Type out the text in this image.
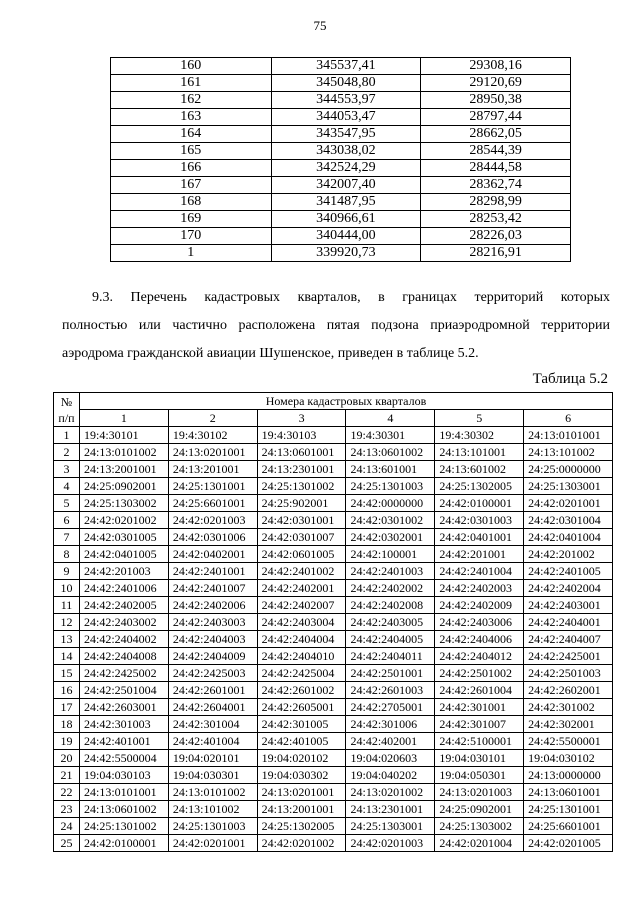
75
160	345537,41	29308,16
161	345048,80	29120,69
162	344553,97	28950,38
163	344053,47	28797,44
164	343547,95	28662,05
165	343038,02	28544,39
166	342524,29	28444,58
167	342007,40	28362,74
168	341487,95	28298,99
169	340966,61	28253,42
170	340444,00	28226,03
1	339920,73	28216,91
9.3. Перечень кадастровых кварталов, в границах территорий которых
полностью или частично расположена пятая подзона приаэродромной территории
аэродрома гражданской авиации Шушенское, приведен в таблице 5.2.
Таблица 5.2
№
п/п	Номера кадастровых кварталов					
	1	2	3	4	5	6
1	19:4:30101	19:4:30102	19:4:30103	19:4:30301	19:4:30302	24:13:0101001
2	24:13:0101002	24:13:0201001	24:13:0601001	24:13:0601002	24:13:101001	24:13:101002
3	24:13:2001001	24:13:201001	24:13:2301001	24:13:601001	24:13:601002	24:25:0000000
4	24:25:0902001	24:25:1301001	24:25:1301002	24:25:1301003	24:25:1302005	24:25:1303001
5	24:25:1303002	24:25:6601001	24:25:902001	24:42:0000000	24:42:0100001	24:42:0201001
6	24:42:0201002	24:42:0201003	24:42:0301001	24:42:0301002	24:42:0301003	24:42:0301004
7	24:42:0301005	24:42:0301006	24:42:0301007	24:42:0302001	24:42:0401001	24:42:0401004
8	24:42:0401005	24:42:0402001	24:42:0601005	24:42:100001	24:42:201001	24:42:201002
9	24:42:201003	24:42:2401001	24:42:2401002	24:42:2401003	24:42:2401004	24:42:2401005
10	24:42:2401006	24:42:2401007	24:42:2402001	24:42:2402002	24:42:2402003	24:42:2402004
11	24:42:2402005	24:42:2402006	24:42:2402007	24:42:2402008	24:42:2402009	24:42:2403001
12	24:42:2403002	24:42:2403003	24:42:2403004	24:42:2403005	24:42:2403006	24:42:2404001
13	24:42:2404002	24:42:2404003	24:42:2404004	24:42:2404005	24:42:2404006	24:42:2404007
14	24:42:2404008	24:42:2404009	24:42:2404010	24:42:2404011	24:42:2404012	24:42:2425001
15	24:42:2425002	24:42:2425003	24:42:2425004	24:42:2501001	24:42:2501002	24:42:2501003
16	24:42:2501004	24:42:2601001	24:42:2601002	24:42:2601003	24:42:2601004	24:42:2602001
17	24:42:2603001	24:42:2604001	24:42:2605001	24:42:2705001	24:42:301001	24:42:301002
18	24:42:301003	24:42:301004	24:42:301005	24:42:301006	24:42:301007	24:42:302001
19	24:42:401001	24:42:401004	24:42:401005	24:42:402001	24:42:5100001	24:42:5500001
20	24:42:5500004	19:04:020101	19:04:020102	19:04:020603	19:04:030101	19:04:030102
21	19:04:030103	19:04:030301	19:04:030302	19:04:040202	19:04:050301	24:13:0000000
22	24:13:0101001	24:13:0101002	24:13:0201001	24:13:0201002	24:13:0201003	24:13:0601001
23	24:13:0601002	24:13:101002	24:13:2001001	24:13:2301001	24:25:0902001	24:25:1301001
24	24:25:1301002	24:25:1301003	24:25:1302005	24:25:1303001	24:25:1303002	24:25:6601001
25	24:42:0100001	24:42:0201001	24:42:0201002	24:42:0201003	24:42:0201004	24:42:0201005
